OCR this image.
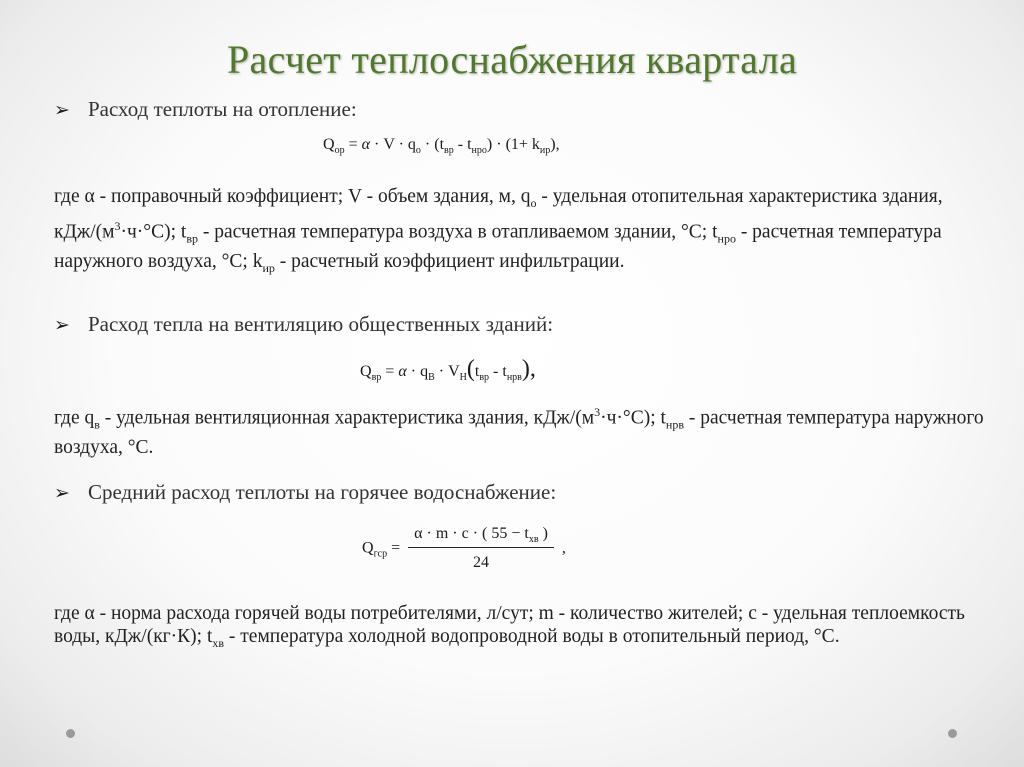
Расчет теплоснабжения квартала
➢ Расход теплоты на отопление:
$Q_{ор} = \alpha \cdot V \cdot q_о \cdot (t_{вр} - t_{нро}) \cdot (1+ k_{ир})$,
где α - поправочный коэффициент; V - объем здания, м, $q_о$ - удельная отопительная характеристика здания, кДж/$(м^3\cdot ч\cdot^\circ С)$; $t_{вр}$ - расчетная температура воздуха в отапливаемом здании, °С; $t_{нро}$ - расчетная температура наружного воздуха, °С; $k_{ир}$ - расчетный коэффициент инфильтрации.
➢ Расход тепла на вентиляцию общественных зданий:
$Q_{вр} = \alpha \cdot q_В \cdot V_Н(t_{вр} - t_{нрв})$,
где $q_в$ - удельная вентиляционная характеристика здания, кДж/$(м^3\cdot ч\cdot^\circ С)$; $t_{нрв}$ - расчетная температура наружного воздуха, °С.
➢ Средний расход теплоты на горячее водоснабжение:
$Q_{гср} = \frac{\alpha \cdot m \cdot c \cdot ( 55 - t_{хв} )}{24}$ ,
где α - норма расхода горячей воды потребителями, л/сут; m - количество жителей; c - удельная теплоемкость воды, кДж/(кг·К); $t_{хв}$ - температура холодной водопроводной воды в отопительный период, °С.
